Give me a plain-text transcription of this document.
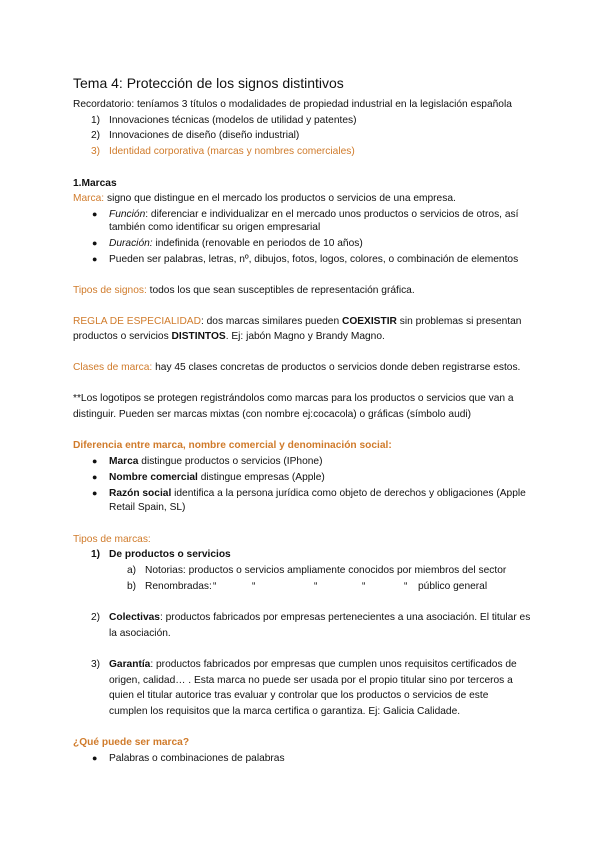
Tema 4: Protección de los signos distintivos
Recordatorio: teníamos 3 títulos o modalidades de propiedad industrial en la legislación española
1) Innovaciones técnicas (modelos de utilidad y patentes)
2) Innovaciones de diseño (diseño industrial)
3) Identidad corporativa (marcas y nombres comerciales)
1.Marcas
Marca: signo que distingue en el mercado los productos o servicios de una empresa.
● Función: diferenciar e individualizar en el mercado unos productos o servicios de otros, así
también como identificar su origen empresarial
● Duración: indefinida (renovable en periodos de 10 años)
● Pueden ser palabras, letras, nº, dibujos, fotos, logos, colores, o combinación de elementos
Tipos de signos: todos los que sean susceptibles de representación gráfica.
REGLA DE ESPECIALIDAD: dos marcas similares pueden COEXISTIR sin problemas si presentan
productos o servicios DISTINTOS. Ej: jabón Magno y Brandy Magno.
Clases de marca: hay 45 clases concretas de productos o servicios donde deben registrarse estos.
**Los logotipos se protegen registrándolos como marcas para los productos o servicios que van a
distinguir. Pueden ser marcas mixtas (con nombre ej:cocacola) o gráficas (símbolo audi)
Diferencia entre marca, nombre comercial y denominación social:
● Marca distingue productos o servicios (IPhone)
● Nombre comercial distingue empresas (Apple)
● Razón social identifica a la persona jurídica como objeto de derechos y obligaciones (Apple
Retail Spain, SL)
Tipos de marcas:
1) De productos o servicios
a) Notorias: productos o servicios ampliamente conocidos por miembros del sector
b) Renombradas: “	“	“	“	“ público general
2) Colectivas: productos fabricados por empresas pertenecientes a una asociación. El titular es
la asociación.
3) Garantía: productos fabricados por empresas que cumplen unos requisitos certificados de
origen, calidad… . Esta marca no puede ser usada por el propio titular sino por terceros a
quien el titular autorice tras evaluar y controlar que los productos o servicios de este
cumplen los requisitos que la marca certifica o garantiza. Ej: Galicia Calidade.
¿Qué puede ser marca?
● Palabras o combinaciones de palabras
